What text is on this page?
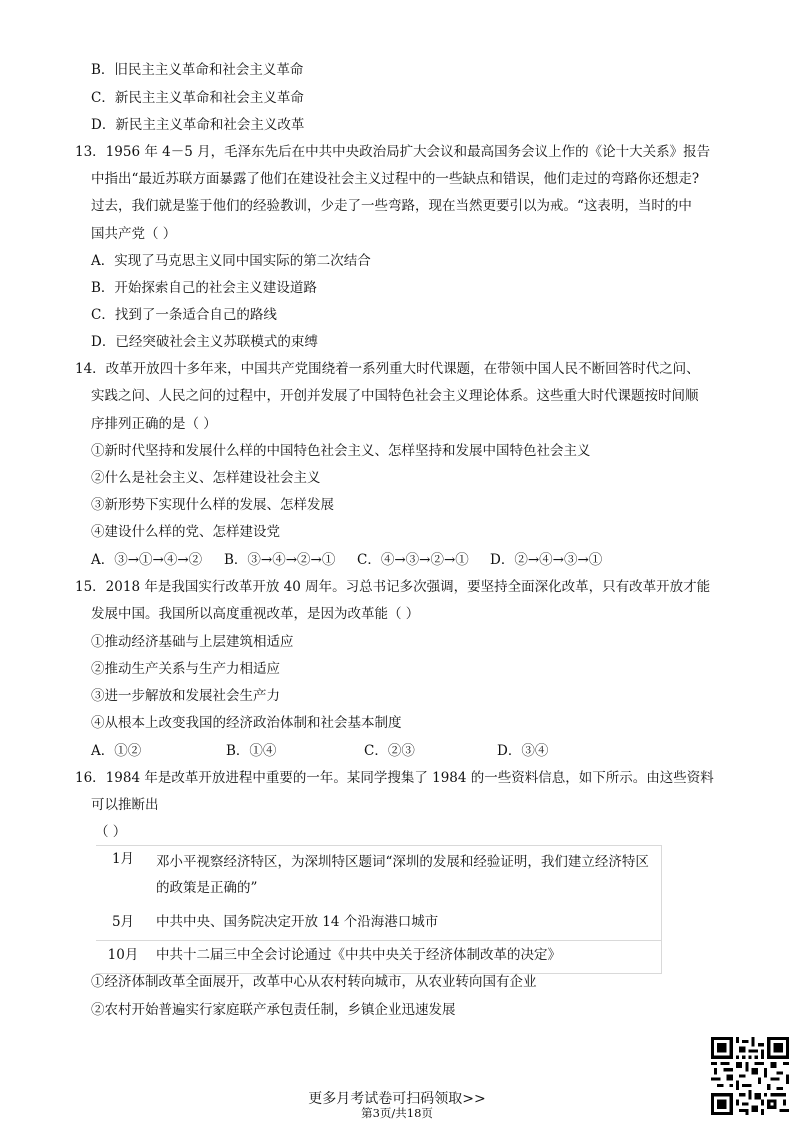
B．旧民主主义革命和社会主义革命
C．新民主主义革命和社会主义革命
D．新民主主义革命和社会主义改革
13．1956 年 4－5 月，毛泽东先后在中共中央政治局扩大会议和最高国务会议上作的《论十大关系》报告
中指出“最近苏联方面暴露了他们在建设社会主义过程中的一些缺点和错误，他们走过的弯路你还想走?
过去，我们就是鉴于他们的经验教训，少走了一些弯路，现在当然更要引以为戒。“这表明，当时的中
国共产党（ ）
A．实现了马克思主义同中国实际的第二次结合
B．开始探索自己的社会主义建设道路
C．找到了一条适合自己的路线
D．已经突破社会主义苏联模式的束缚
14．改革开放四十多年来，中国共产党围绕着一系列重大时代课题，在带领中国人民不断回答时代之问、
实践之问、人民之问的过程中，开创并发展了中国特色社会主义理论体系。这些重大时代课题按时间顺
序排列正确的是（ ）
①新时代坚持和发展什么样的中国特色社会主义、怎样坚持和发展中国特色社会主义
②什么是社会主义、怎样建设社会主义
③新形势下实现什么样的发展、怎样发展
④建设什么样的党、怎样建设党
A．③→①→④→② B．③→④→②→① C．④→③→②→① D．②→④→③→①
15．2018 年是我国实行改革开放 40 周年。习总书记多次强调，要坚持全面深化改革，只有改革开放才能
发展中国。我国所以高度重视改革，是因为改革能（ ）
①推动经济基础与上层建筑相适应
②推动生产关系与生产力相适应
③进一步解放和发展社会生产力
④从根本上改变我国的经济政治体制和社会基本制度
A．①②	B．①④	C．②③	D．③④
16．1984 年是改革开放进程中重要的一年。某同学搜集了 1984 的一些资料信息，如下所示。由这些资料
可以推断出
（ ）
1月	邓小平视察经济特区，为深圳特区题词“深圳的发展和经验证明，我们建立经济特区的政策是正确的”
5月	中共中央、国务院决定开放 14 个沿海港口城市
10月	中共十二届三中全会讨论通过《中共中央关于经济体制改革的决定》
①经济体制改革全面展开，改革中心从农村转向城市，从农业转向国有企业
②农村开始普遍实行家庭联产承包责任制，乡镇企业迅速发展
更多月考试卷可扫码领取>>
第3页/共18页
